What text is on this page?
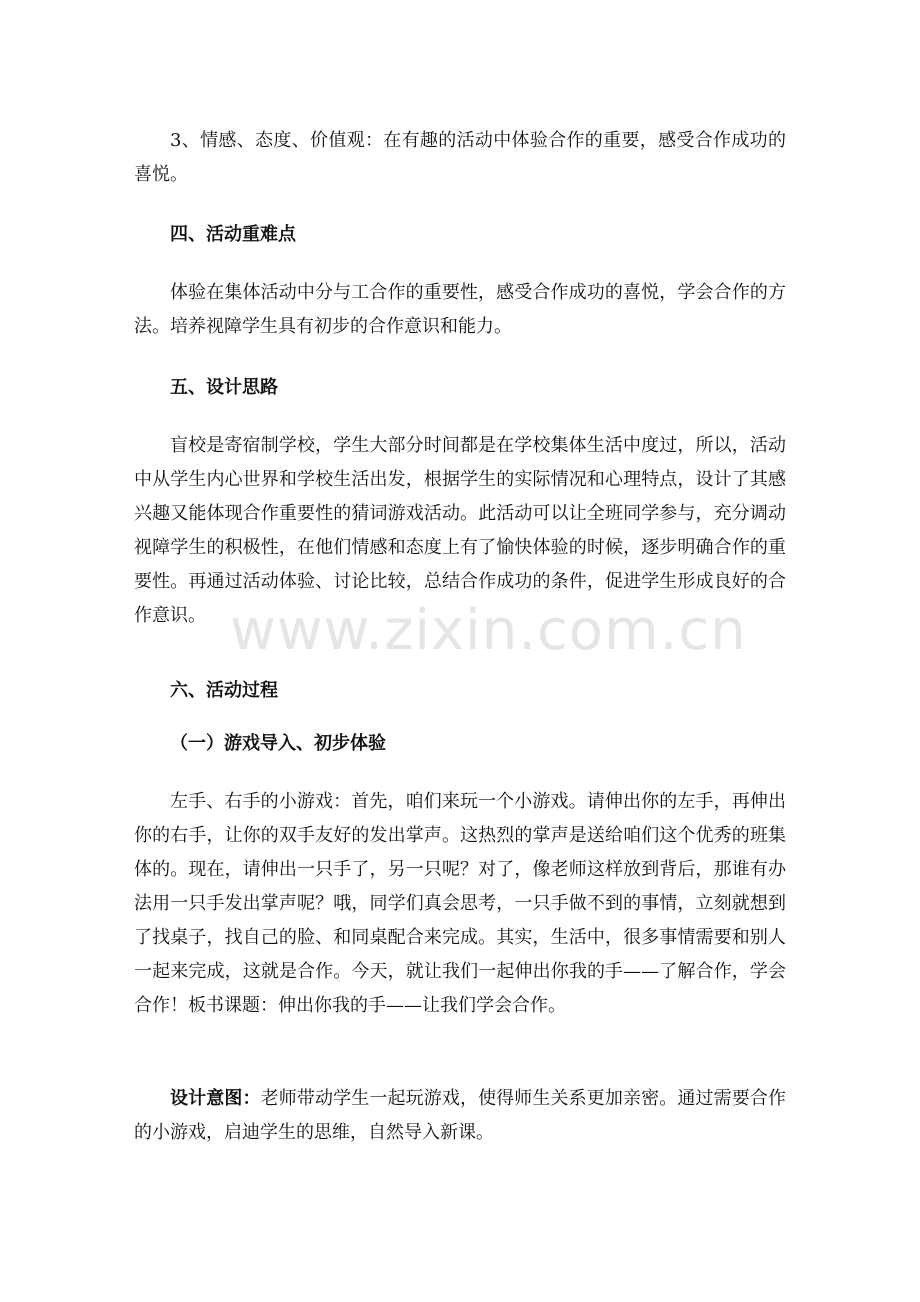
3、情感、态度、价值观：在有趣的活动中体验合作的重要，感受合作成功的喜悦。

四、活动重难点

体验在集体活动中分与工合作的重要性，感受合作成功的喜悦，学会合作的方法。培养视障学生具有初步的合作意识和能力。

五、设计思路

盲校是寄宿制学校，学生大部分时间都是在学校集体生活中度过，所以，活动中从学生内心世界和学校生活出发，根据学生的实际情况和心理特点，设计了其感兴趣又能体现合作重要性的猜词游戏活动。此活动可以让全班同学参与，充分调动视障学生的积极性，在他们情感和态度上有了愉快体验的时候，逐步明确合作的重要性。再通过活动体验、讨论比较，总结合作成功的条件，促进学生形成良好的合作意识。

六、活动过程
（一）游戏导入、初步体验

左手、右手的小游戏：首先，咱们来玩一个小游戏。请伸出你的左手，再伸出你的右手，让你的双手友好的发出掌声。这热烈的掌声是送给咱们这个优秀的班集体的。现在，请伸出一只手了，另一只呢？对了，像老师这样放到背后，那谁有办法用一只手发出掌声呢？哦，同学们真会思考，一只手做不到的事情，立刻就想到了找桌子，找自己的脸、和同桌配合来完成。其实，生活中，很多事情需要和别人一起来完成，这就是合作。今天，就让我们一起伸出你我的手——了解合作，学会合作！板书课题：伸出你我的手——让我们学会合作。

设计意图：老师带动学生一起玩游戏，使得师生关系更加亲密。通过需要合作的小游戏，启迪学生的思维，自然导入新课。

www.zixin.com.cn
